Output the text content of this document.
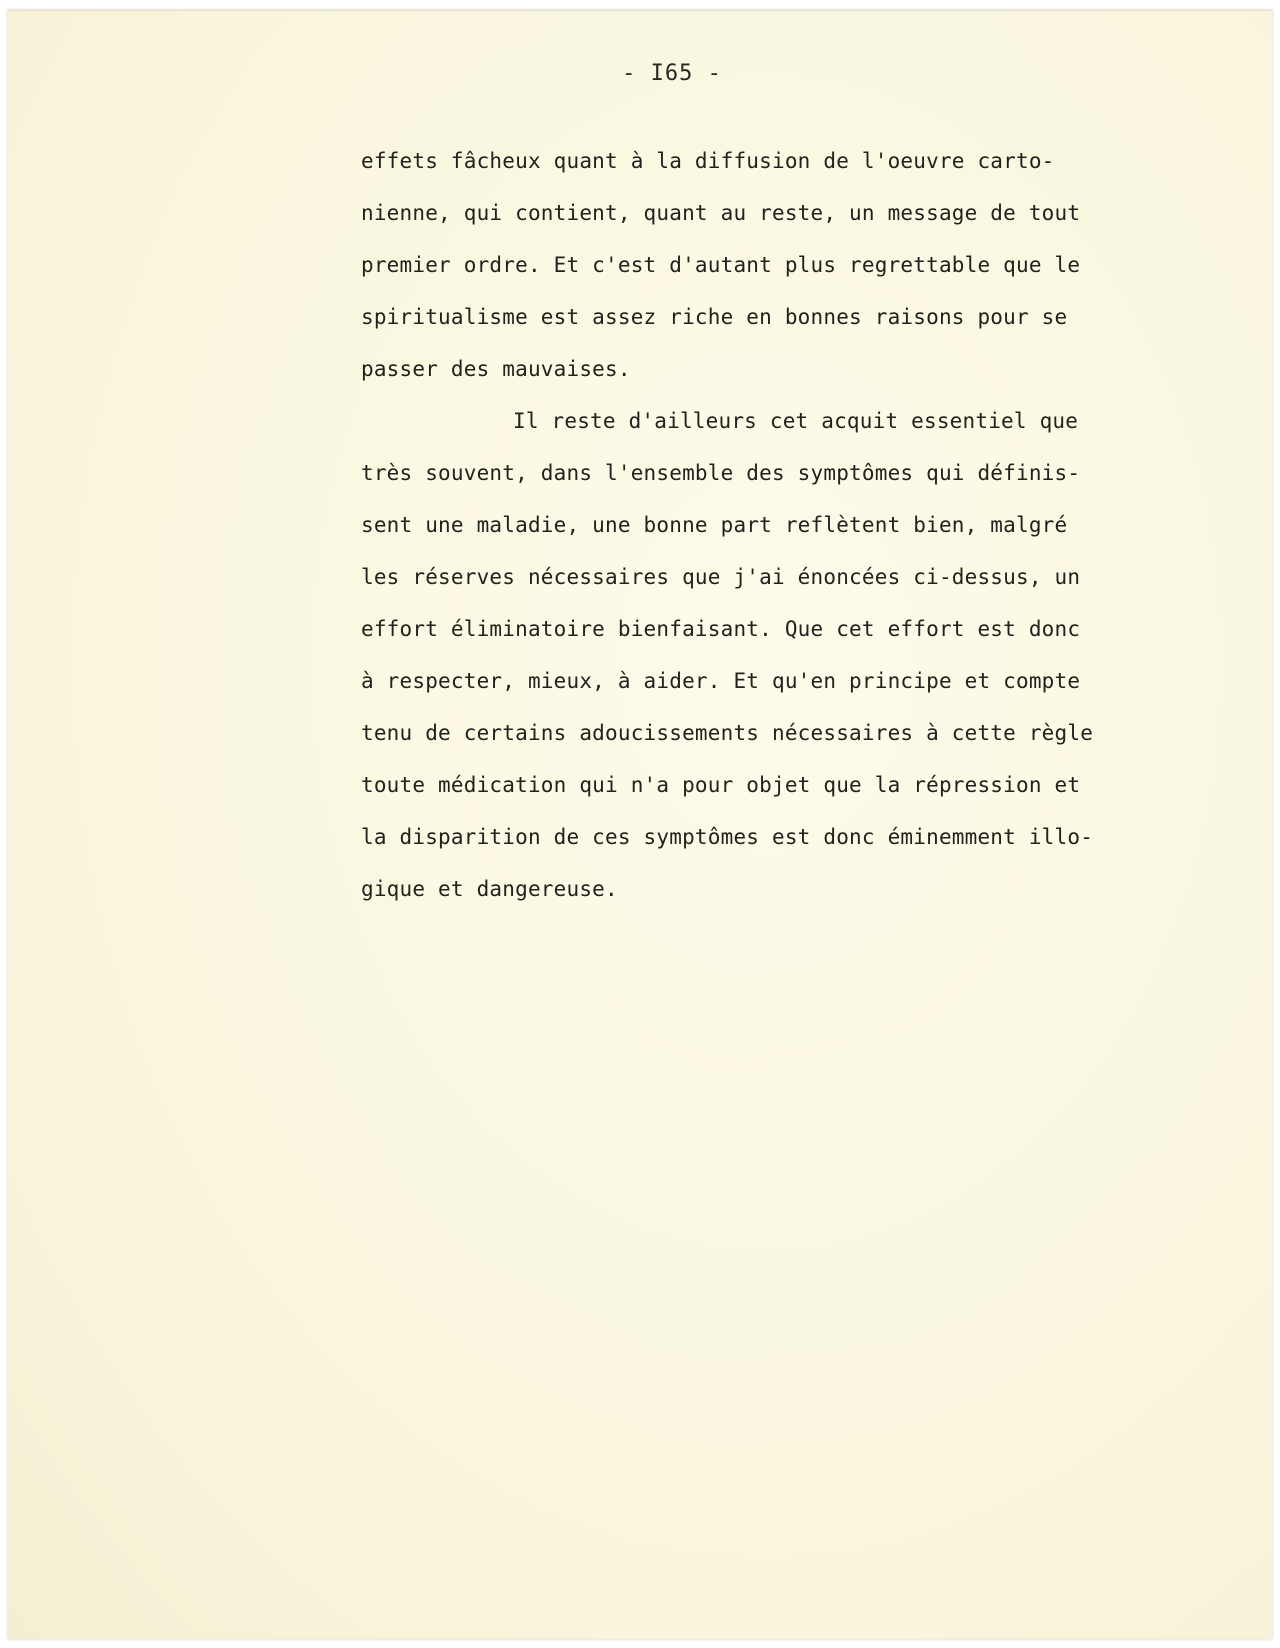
- I65 -
effets fâcheux quant à la diffusion de l'oeuvre carto-
nienne, qui contient, quant au reste, un message de tout
premier ordre. Et c'est d'autant plus regrettable que le
spiritualisme est assez riche en bonnes raisons pour se
passer des mauvaises.
Il reste d'ailleurs cet acquit essentiel que
très souvent, dans l'ensemble des symptômes qui définis-
sent une maladie, une bonne part reflètent bien, malgré
les réserves nécessaires que j'ai énoncées ci-dessus, un
effort éliminatoire bienfaisant. Que cet effort est donc
à respecter, mieux, à aider. Et qu'en principe et compte
tenu de certains adoucissements nécessaires à cette règle
toute médication qui n'a pour objet que la répression et
la disparition de ces symptômes est donc éminemment illo-
gique et dangereuse.
